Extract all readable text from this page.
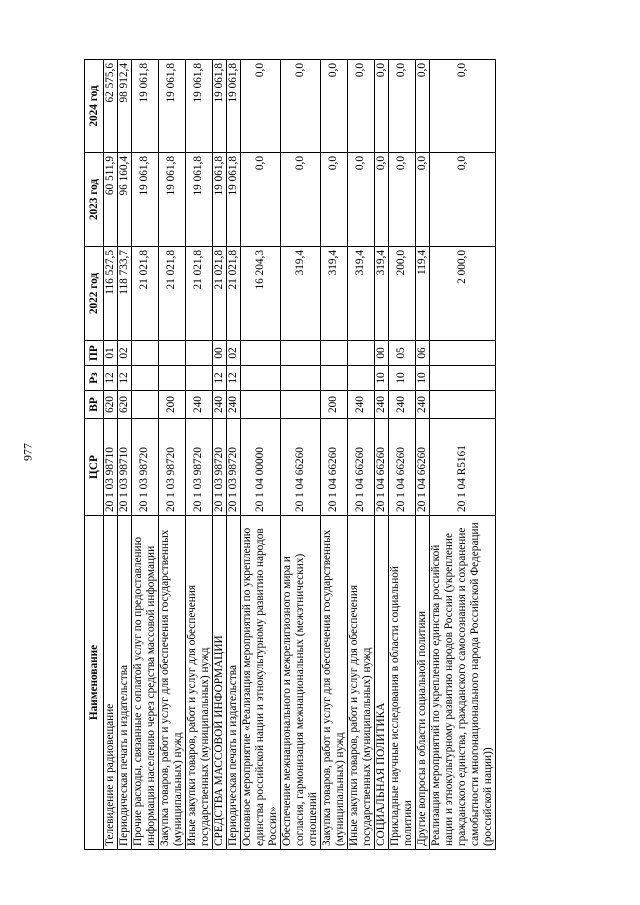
977
Наименование	ЦСР	ВР	Рз	ПР	2022 год	2023 год	2024 год
Телевидение и радиовещание	20 1 03 98710	620	12	01	116 527,5	60 511,9	62 575,6
Периодическая печать и издательства	20 1 03 98710	620	12	02	118 733,7	96 160,4	98 912,4
Прочие расходы, связанные с оплатой услуг по предоставлению информации населению через средства массовой информации	20 1 03 98720				21 021,8	19 061,8	19 061,8
Закупка товаров, работ и услуг для обеспечения государственных (муниципальных) нужд	20 1 03 98720	200			21 021,8	19 061,8	19 061,8
Иные закупки товаров, работ и услуг для обеспечения государственных (муниципальных) нужд	20 1 03 98720	240			21 021,8	19 061,8	19 061,8
СРЕДСТВА МАССОВОЙ ИНФОРМАЦИИ	20 1 03 98720	240	12	00	21 021,8	19 061,8	19 061,8
Периодическая печать и издательства	20 1 03 98720	240	12	02	21 021,8	19 061,8	19 061,8
Основное мероприятие «Реализация мероприятий по укреплению единства российской нации и этнокультурному развитию народов России»	20 1 04 00000				16 204,3	0,0	0,0
Обеспечение межнационального и межрелигиозного мира и согласия, гармонизация межнациональных (межэтнических) отношений	20 1 04 66260				319,4	0,0	0,0
Закупка товаров, работ и услуг для обеспечения государственных (муниципальных) нужд	20 1 04 66260	200			319,4	0,0	0,0
Иные закупки товаров, работ и услуг для обеспечения государственных (муниципальных) нужд	20 1 04 66260	240			319,4	0,0	0,0
СОЦИАЛЬНАЯ ПОЛИТИКА	20 1 04 66260	240	10	00	319,4	0,0	0,0
Прикладные научные исследования в области социальной политики	20 1 04 66260	240	10	05	200,0	0,0	0,0
Другие вопросы в области социальной политики	20 1 04 66260	240	10	06	119,4	0,0	0,0
Реализация мероприятий по укреплению единства российской нации и этнокультурному развитию народов России (укрепление гражданского единства, гражданского самосознания и сохранение самобытности многонационального народа Российской Федерации (российской нации))	20 1 04 R5161				2 000,0	0,0	0,0
